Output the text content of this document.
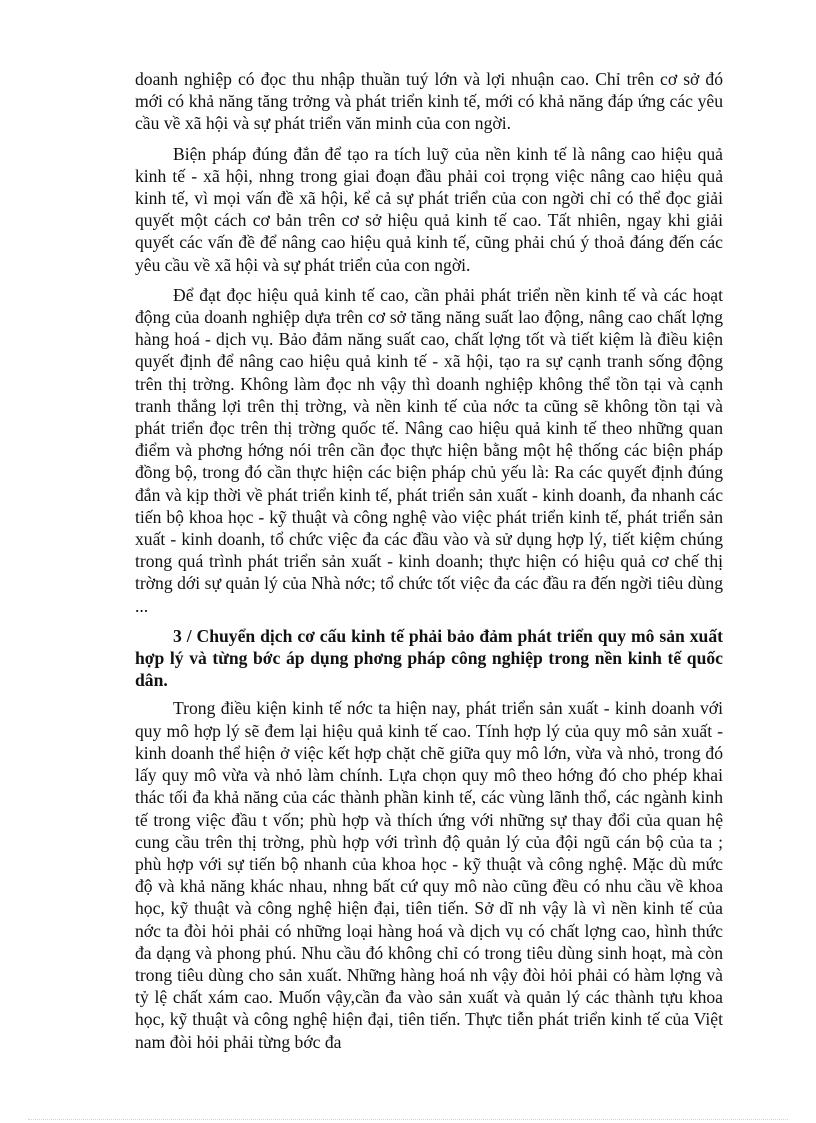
doanh nghiệp có đọc thu nhập thuần tuý lớn và lợi nhuận cao. Chỉ trên cơ sở đó mới có khả năng tăng trởng và phát triển kinh tế, mới có khả năng đáp ứng các yêu cầu về xã hội và sự phát triển văn minh của con ngời.

Biện pháp đúng đắn để tạo ra tích luỹ của nền kinh tế là nâng cao hiệu quả kinh tế - xã hội, nhng trong giai đoạn đầu phải coi trọng việc nâng cao hiệu quả kinh tế, vì mọi vấn đề xã hội, kể cả sự phát triển của con ngời chỉ có thể đọc giải quyết một cách cơ bản trên cơ sở hiệu quả kinh tế cao. Tất nhiên, ngay khi giải quyết các vấn đề để nâng cao hiệu quả kinh tế, cũng phải chú ý thoả đáng đến các yêu cầu về xã hội và sự phát triển của con ngời.

Để đạt đọc hiệu quả kinh tế cao, cần phải phát triển nền kinh tế và các hoạt động của doanh nghiệp dựa trên cơ sở tăng năng suất lao động, nâng cao chất lợng hàng hoá - dịch vụ. Bảo đảm năng suất cao, chất lợng tốt và tiết kiệm là điều kiện quyết định để nâng cao hiệu quả kinh tế - xã hội, tạo ra sự cạnh tranh sống động trên thị trờng. Không làm đọc nh vậy thì doanh nghiệp không thể tồn tại và cạnh tranh thắng lợi trên thị trờng, và nền kinh tế của nớc ta cũng sẽ không tồn tại và phát triển đọc trên thị trờng quốc tế. Nâng cao hiệu quả kinh tế theo những quan điểm và phơng hớng nói trên cần đọc thực hiện bằng một hệ thống các biện pháp đồng bộ, trong đó cần thực hiện các biện pháp chủ yếu là: Ra các quyết định đúng đắn và kịp thời về phát triển kinh tế, phát triển sản xuất - kinh doanh, đa nhanh các tiến bộ khoa học - kỹ thuật và công nghệ vào việc phát triển kinh tế, phát triển sản xuất - kinh doanh, tổ chức việc đa các đầu vào và sử dụng hợp lý, tiết kiệm chúng trong quá trình phát triển sản xuất - kinh doanh; thực hiện có hiệu quả cơ chế thị trờng dới sự quản lý của Nhà nớc; tổ chức tốt việc đa các đầu ra đến ngời tiêu dùng ...

3 / Chuyển dịch cơ cấu kinh tế phải bảo đảm phát triển quy mô sản xuất hợp lý và từng bớc áp dụng phơng pháp công nghiệp trong nền kinh tế quốc dân.

Trong điều kiện kinh tế nớc ta hiện nay, phát triển sản xuất - kinh doanh với quy mô hợp lý sẽ đem lại hiệu quả kinh tế cao. Tính hợp lý của quy mô sản xuất - kinh doanh thể hiện ở việc kết hợp chặt chẽ giữa quy mô lớn, vừa và nhỏ, trong đó lấy quy mô vừa và nhỏ làm chính. Lựa chọn quy mô theo hớng đó cho phép khai thác tối đa khả năng của các thành phần kinh tế, các vùng lãnh thổ, các ngành kinh tế trong việc đầu t vốn; phù hợp và thích ứng với những sự thay đổi của quan hệ cung cầu trên thị trờng, phù hợp với trình độ quản lý của đội ngũ cán bộ của ta ; phù hợp với sự tiến bộ nhanh của khoa học - kỹ thuật và công nghệ. Mặc dù mức độ và khả năng khác nhau, nhng bất cứ quy mô nào cũng đều có nhu cầu về khoa học, kỹ thuật và công nghệ hiện đại, tiên tiến. Sở dĩ nh vậy là vì nền kinh tế của nớc ta đòi hỏi phải có những loại hàng hoá và dịch vụ có chất lợng cao, hình thức đa dạng và phong phú. Nhu cầu đó không chỉ có trong tiêu dùng sinh hoạt, mà còn trong tiêu dùng cho sản xuất. Những hàng hoá nh vậy đòi hỏi phải có hàm lợng và tỷ lệ chất xám cao. Muốn vậy,cần đa vào sản xuất và quản lý các thành tựu khoa học, kỹ thuật và công nghệ hiện đại, tiên tiến. Thực tiễn phát triển kinh tế của Việt nam đòi hỏi phải từng bớc đa
